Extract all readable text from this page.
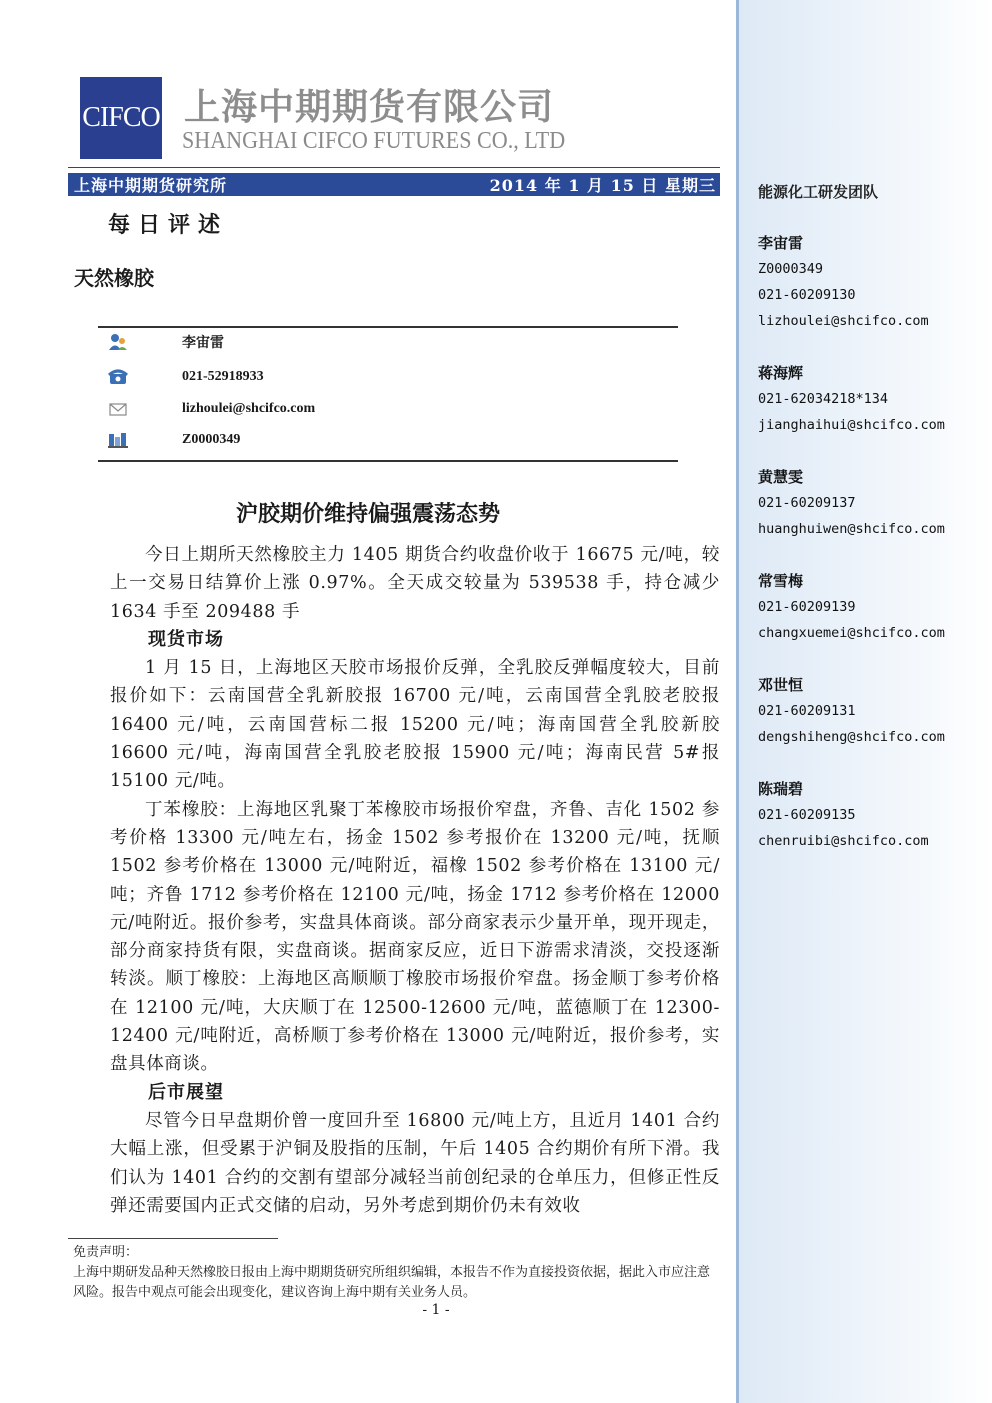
能源化工研发团队
李宙雷
Z0000349
021-60209130
lizhoulei@shcifco.com
蒋海辉
021-62034218*134
jianghaihui@shcifco.com
黄慧雯
021-60209137
huanghuiwen@shcifco.com
常雪梅
021-60209139
changxuemei@shcifco.com
邓世恒
021-60209131
dengshiheng@shcifco.com
陈瑞碧
021-60209135
chenruibi@shcifco.com
CIFCO 上海中期期货有限公司
SHANGHAI CIFCO FUTURES CO., LTD
上海中期期货研究所	2014 年 1 月 15 日 星期三
每日评述
天然橡胶
李宙雷
021-52918933
lizhoulei@shcifco.com
Z0000349
沪胶期价维持偏强震荡态势

今日上期所天然橡胶主力 1405 期货合约收盘价收于 16675 元/吨，较上一交易日结算价上涨 0.97%。全天成交较量为 539538 手，持仓减少 1634 手至 209488 手

现货市场

1 月 15 日，上海地区天胶市场报价反弹，全乳胶反弹幅度较大，目前报价如下：云南国营全乳新胶报 16700 元/吨，云南国营全乳胶老胶报 16400 元/吨，云南国营标二报 15200 元/吨；海南国营全乳胶新胶 16600 元/吨，海南国营全乳胶老胶报 15900 元/吨；海南民营 5#报 15100 元/吨。

丁苯橡胶：上海地区乳聚丁苯橡胶市场报价窄盘，齐鲁、吉化 1502 参考价格 13300 元/吨左右，扬金 1502 参考报价在 13200 元/吨，抚顺 1502 参考价格在 13000 元/吨附近，福橡 1502 参考价格在 13100 元/吨；齐鲁 1712 参考价格在 12100 元/吨，扬金 1712 参考价格在 12000 元/吨附近。报价参考，实盘具体商谈。部分商家表示少量开单，现开现走，部分商家持货有限，实盘商谈。据商家反应，近日下游需求清淡，交投逐渐转淡。顺丁橡胶：上海地区高顺顺丁橡胶市场报价窄盘。扬金顺丁参考价格在 12100 元/吨，大庆顺丁在 12500-12600 元/吨，蓝德顺丁在 12300-12400 元/吨附近，高桥顺丁参考价格在 13000 元/吨附近，报价参考，实盘具体商谈。

后市展望

尽管今日早盘期价曾一度回升至 16800 元/吨上方，且近月 1401 合约大幅上涨，但受累于沪铜及股指的压制，午后 1405 合约期价有所下滑。我们认为 1401 合约的交割有望部分减轻当前创纪录的仓单压力，但修正性反弹还需要国内正式交储的启动，另外考虑到期价仍未有效收

免责声明：
上海中期研发品种天然橡胶日报由上海中期期货研究所组织编辑，本报告不作为直接投资依据，据此入市应注意风险。报告中观点可能会出现变化，建议咨询上海中期有关业务人员。
- 1 -
